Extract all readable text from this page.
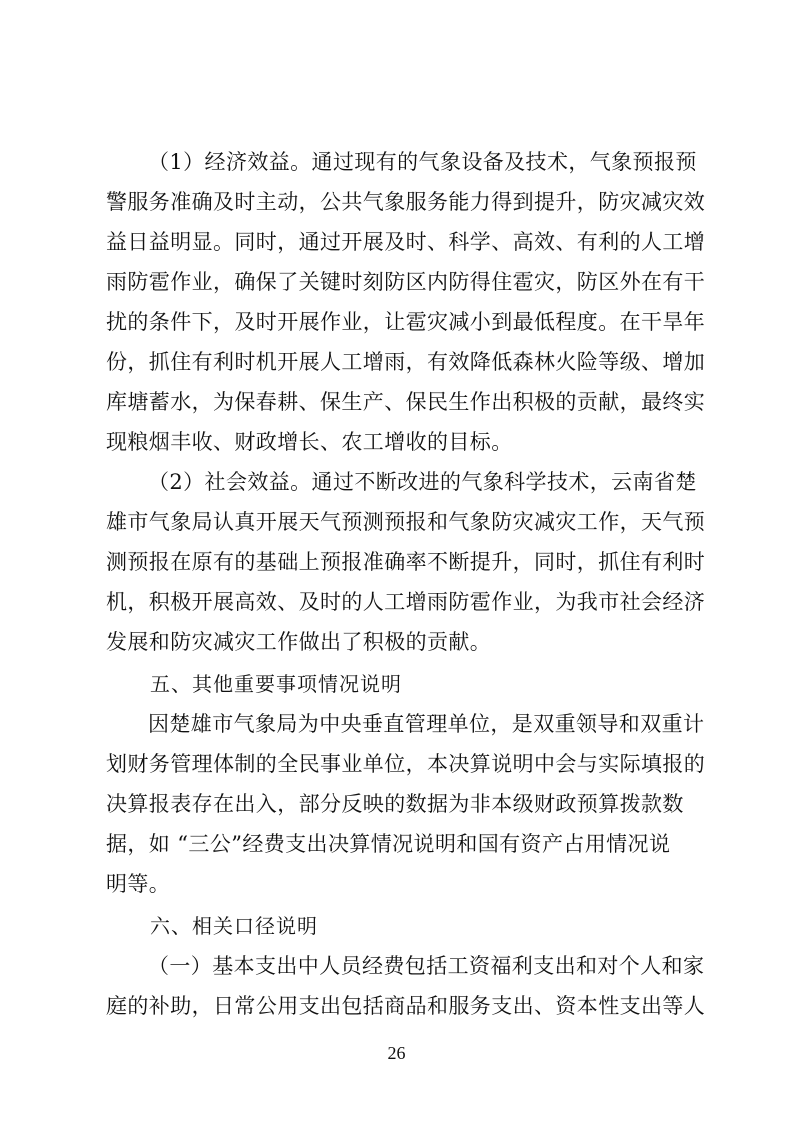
（1）经济效益。通过现有的气象设备及技术，气象预报预
警服务准确及时主动，公共气象服务能力得到提升，防灾减灾效
益日益明显。同时，通过开展及时、科学、高效、有利的人工增
雨防雹作业，确保了关键时刻防区内防得住雹灾，防区外在有干
扰的条件下，及时开展作业，让雹灾减小到最低程度。在干旱年
份，抓住有利时机开展人工增雨，有效降低森林火险等级、增加
库塘蓄水，为保春耕、保生产、保民生作出积极的贡献，最终实
现粮烟丰收、财政增长、农工增收的目标。
（2）社会效益。通过不断改进的气象科学技术，云南省楚
雄市气象局认真开展天气预测预报和气象防灾减灾工作，天气预
测预报在原有的基础上预报准确率不断提升，同时，抓住有利时
机，积极开展高效、及时的人工增雨防雹作业，为我市社会经济
发展和防灾减灾工作做出了积极的贡献。
五、其他重要事项情况说明
因楚雄市气象局为中央垂直管理单位，是双重领导和双重计
划财务管理体制的全民事业单位，本决算说明中会与实际填报的
决算报表存在出入，部分反映的数据为非本级财政预算拨款数
据，如 “三公”经费支出决算情况说明和国有资产占用情况说
明等。
六、相关口径说明
（一）基本支出中人员经费包括工资福利支出和对个人和家
庭的补助，日常公用支出包括商品和服务支出、资本性支出等人
26
